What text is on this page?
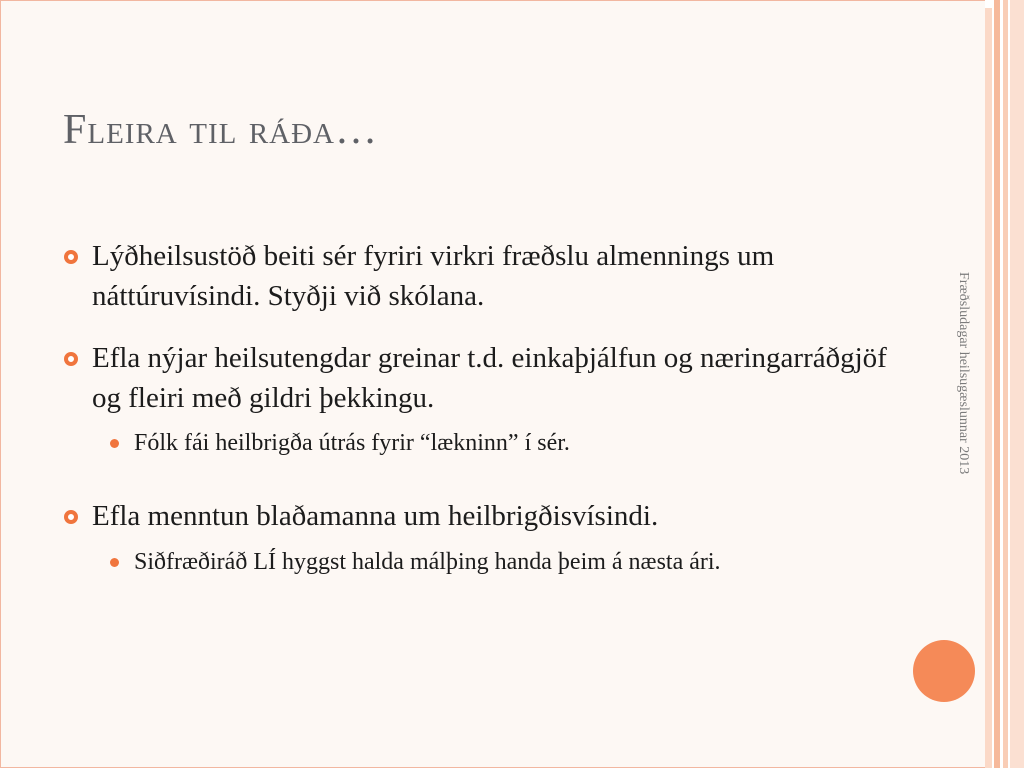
Fleira til ráða…
Fræðsludagar heilsugæslunnar 2013
Lýðheilsustöð beiti sér fyriri virkri fræðslu almennings um náttúruvísindi. Styðji við skólana.
Efla nýjar heilsutengdar greinar t.d. einkaþjálfun og næringarráðgjöf og fleiri með gildri þekkingu.
Fólk fái heilbrigða útrás fyrir “lækninn” í sér.
Efla menntun blaðamanna um heilbrigðisvísindi.
Siðfræðiráð LÍ hyggst halda málþing handa þeim á næsta ári.
